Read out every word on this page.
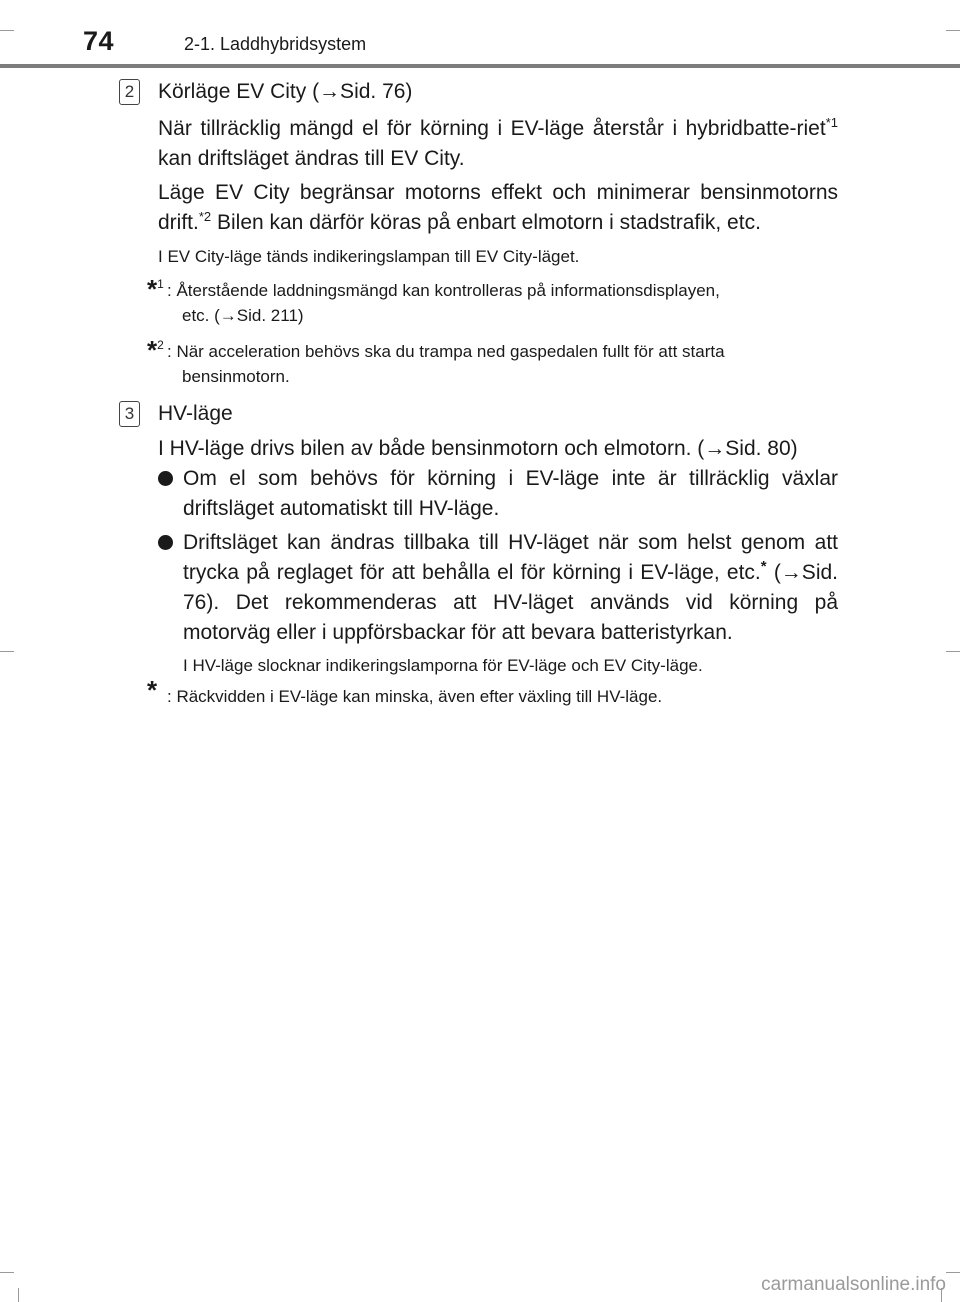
74	2-1. Laddhybridsystem
2 Körläge EV City (→Sid. 76)
När tillräcklig mängd el för körning i EV-läge återstår i hybridbatte-riet$^{*1}$ kan driftsläget ändras till EV City.
Läge EV City begränsar motorns effekt och minimerar bensinmotorns drift.$^{*2}$ Bilen kan därför köras på enbart elmotorn i stadstrafik, etc.
I EV City-läge tänds indikeringslampan till EV City-läget.
*$^1$ : Återstående laddningsmängd kan kontrolleras på informationsdisplayen,
etc. (→Sid. 211)
*$^2$ : När acceleration behövs ska du trampa ned gaspedalen fullt för att starta
bensinmotorn.
3 HV-läge
I HV-läge drivs bilen av både bensinmotorn och elmotorn. (→Sid. 80)
Om el som behövs för körning i EV-läge inte är tillräcklig växlar driftsläget automatiskt till HV-läge.
Driftsläget kan ändras tillbaka till HV-läget när som helst genom att trycka på reglaget för att behålla el för körning i EV-läge, etc.* (→Sid. 76). Det rekommenderas att HV-läget används vid körning på motorväg eller i uppförsbackar för att bevara batteristyrkan.
I HV-läge slocknar indikeringslamporna för EV-läge och EV City-läge.
* : Räckvidden i EV-läge kan minska, även efter växling till HV-läge.
carmanualsonline.info
